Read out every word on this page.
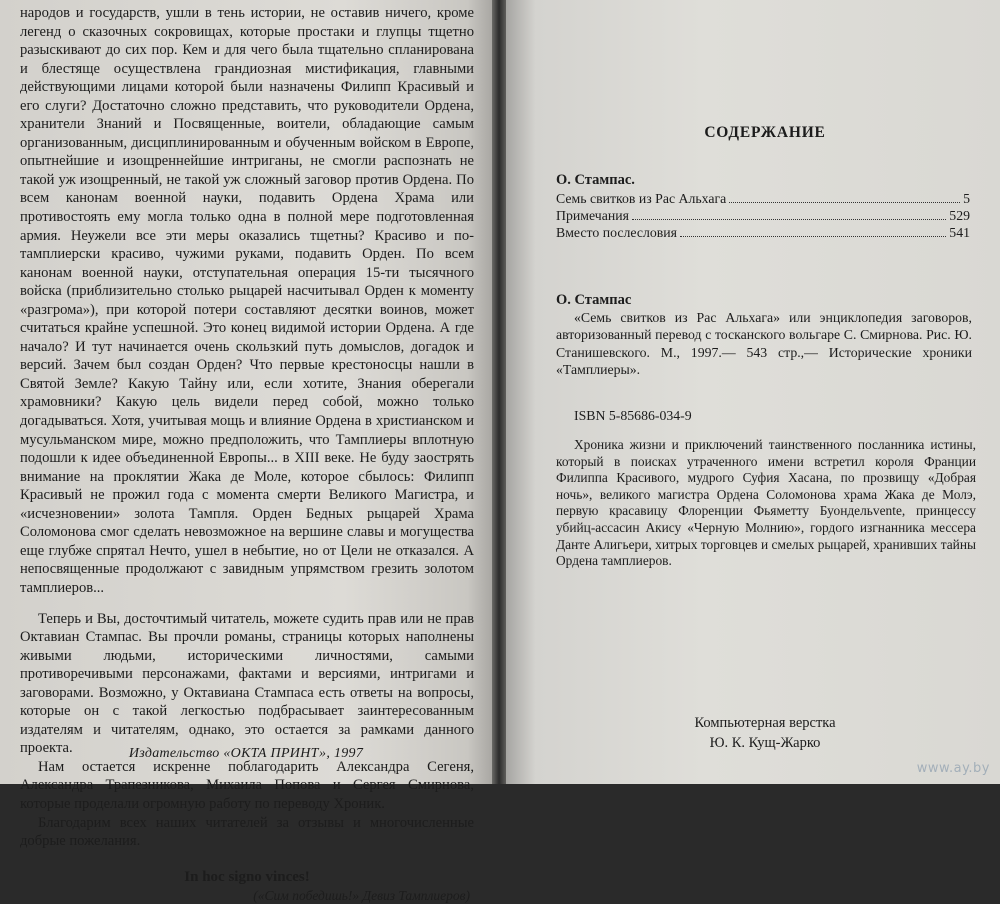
народов и государств, ушли в тень истории, не оставив ничего, кроме легенд о сказочных сокровищах, которые простаки и глупцы тщетно разыскивают до сих пор. Кем и для чего была тщательно спланирована и блестяще осуществлена грандиозная мистификация, главными действующими лицами которой были назначены Филипп Красивый и его слуги? Достаточно сложно представить, что руководители Ордена, хранители Знаний и Посвященные, воители, обладающие самым организованным, дисциплинированным и обученным войском в Европе, опытнейшие и изощреннейшие интриганы, не смогли распознать не такой уж изощренный, не такой уж сложный заговор против Ордена. По всем канонам военной науки, подавить Ордена Храма или противостоять ему могла только одна в полной мере подготовленная армия. Неужели все эти меры оказались тщетны? Красиво и по-тамплиерски красиво, чужими руками, подавить Орден. По всем канонам военной науки, отступательная операция 15-ти тысячного войска (приблизительно столько рыцарей насчитывал Орден к моменту «разгрома»), при которой потери составляют десятки воинов, может считаться крайне успешной. Это конец видимой истории Ордена. А где начало? И тут начинается очень скользкий путь домыслов, догадок и версий. Зачем был создан Орден? Что первые крестоносцы нашли в Святой Земле? Какую Тайну или, если хотите, Знания оберегали храмовники? Какую цель видели перед собой, можно только догадываться. Хотя, учитывая мощь и влияние Ордена в христианском и мусульманском мире, можно предположить, что Тамплиеры вплотную подошли к идее объединенной Европы... в XIII веке. Не буду заострять внимание на проклятии Жака де Моле, которое сбылось: Филипп Красивый не прожил года с момента смерти Великого Магистра, и «исчезновении» золота Тампля. Орден Бедных рыцарей Храма Соломонова смог сделать невозможное на вершине славы и могущества еще глубже спрятал Нечто, ушел в небытие, но от Цели не отказался. А непосвященные продолжают с завидным упрямством грезить золотом тамплиеров...

Теперь и Вы, досточтимый читатель, можете судить прав или не прав Октавиан Стампас. Вы прочли романы, страницы которых наполнены живыми людьми, историческими личностями, самыми противоречивыми персонажами, фактами и версиями, интригами и заговорами. Возможно, у Октавиана Стампаса есть ответы на вопросы, которые он с такой легкостью подбрасывает заинтересованным издателям и читателям, однако, это остается за рамками данного проекта.

Нам остается искренне поблагодарить Александра Сегеня, Александра Трапезникова, Михаила Попова и Сергея Смирнова, которые проделали огромную работу по переводу Хроник.

Благодарим всех наших читателей за отзывы и многочисленные добрые пожелания.

In hoc signo vinces!
(«Сим победишь!» Девиз Тамплиеров)
Издательство «ОКТА ПРИНТ», 1997
СОДЕРЖАНИЕ
О. Стампас.
Семь свитков из Рас Альхага	5
Примечания	529
Вместо послесловия	541
О. Стампас

«Семь свитков из Рас Альхага» или энциклопедия заговоров, авторизованный перевод с тосканского вольгаре С. Смирнова. Рис. Ю. Станишевского. М., 1997.— 543 стр.,— Исторические хроники «Тамплиеры».

ISBN 5-85686-034-9

Хроника жизни и приключений таинственного посланника истины, который в поисках утраченного имени встретил короля Франции Филиппа Красивого, мудрого Суфия Хасана, по прозвищу «Добрая ночь», великого магистра Ордена Соломонова храма Жака де Молэ, первую красавицу Флоренции Фьяметту Буондельvente, принцессу убийц-ассасин Акису «Черную Молнию», гордого изгнанника мессера Данте Алигьери, хитрых торговцев и смелых рыцарей, хранивших тайны Ордена тамплиеров.

Компьютерная верстка
Ю. К. Кущ-Жарко
www.ay.by
